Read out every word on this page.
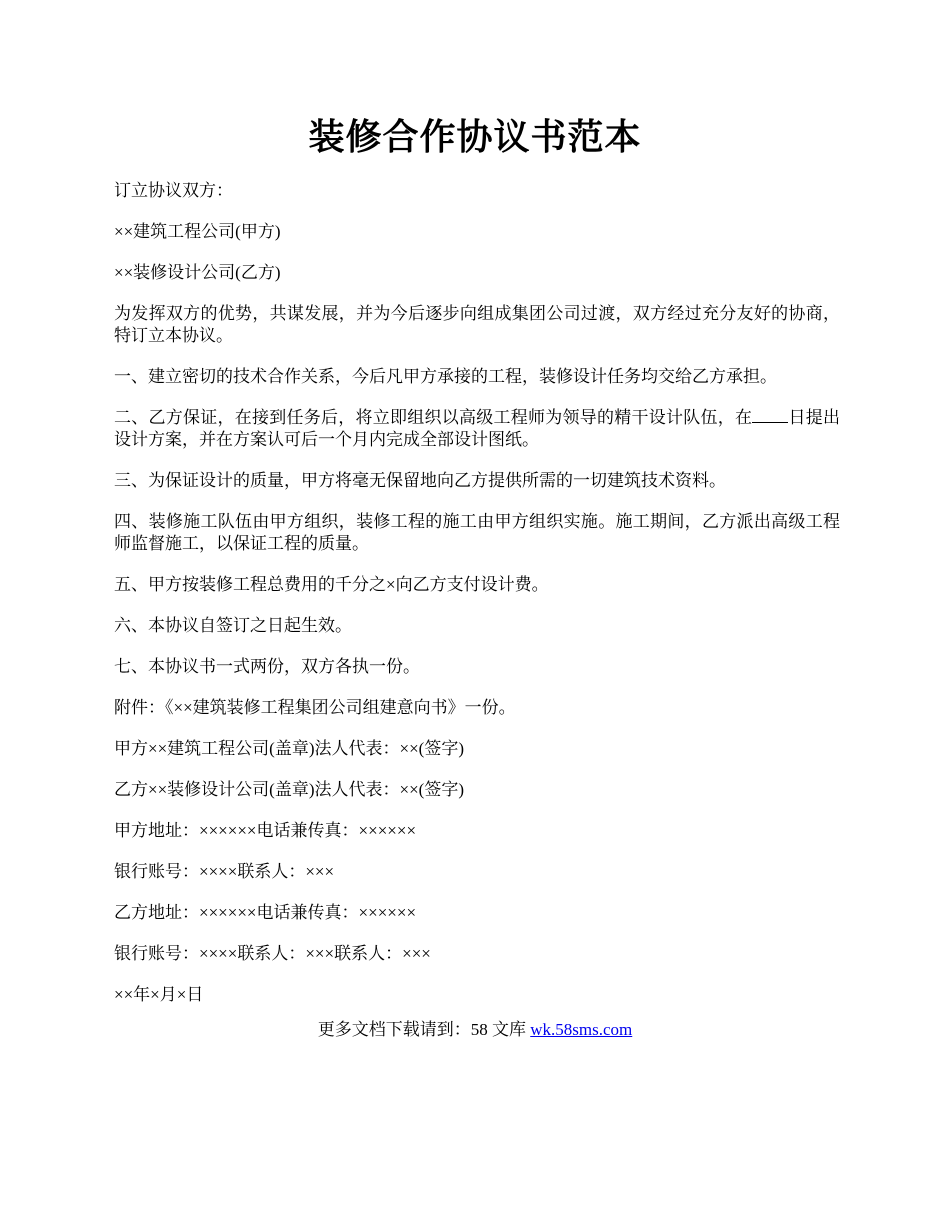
装修合作协议书范本

订立协议双方：

××建筑工程公司(甲方)

××装修设计公司(乙方)

为发挥双方的优势，共谋发展，并为今后逐步向组成集团公司过渡，双方经过充分友好的协商，特订立本协议。

一、建立密切的技术合作关系，今后凡甲方承接的工程，装修设计任务均交给乙方承担。

二、乙方保证，在接到任务后，将立即组织以高级工程师为领导的精干设计队伍，在 日提出设计方案，并在方案认可后一个月内完成全部设计图纸。

三、为保证设计的质量，甲方将毫无保留地向乙方提供所需的一切建筑技术资料。

四、装修施工队伍由甲方组织，装修工程的施工由甲方组织实施。施工期间，乙方派出高级工程师监督施工，以保证工程的质量。

五、甲方按装修工程总费用的千分之×向乙方支付设计费。

六、本协议自签订之日起生效。

七、本协议书一式两份，双方各执一份。

附件：《××建筑装修工程集团公司组建意向书》一份。

甲方××建筑工程公司(盖章)法人代表：××(签字)

乙方××装修设计公司(盖章)法人代表：××(签字)

甲方地址：××××××电话兼传真：××××××

银行账号：××××联系人：×××

乙方地址：××××××电话兼传真：××××××

银行账号：××××联系人：×××联系人：×××

××年×月×日

更多文档下载请到：58 文库 wk.58sms.com
